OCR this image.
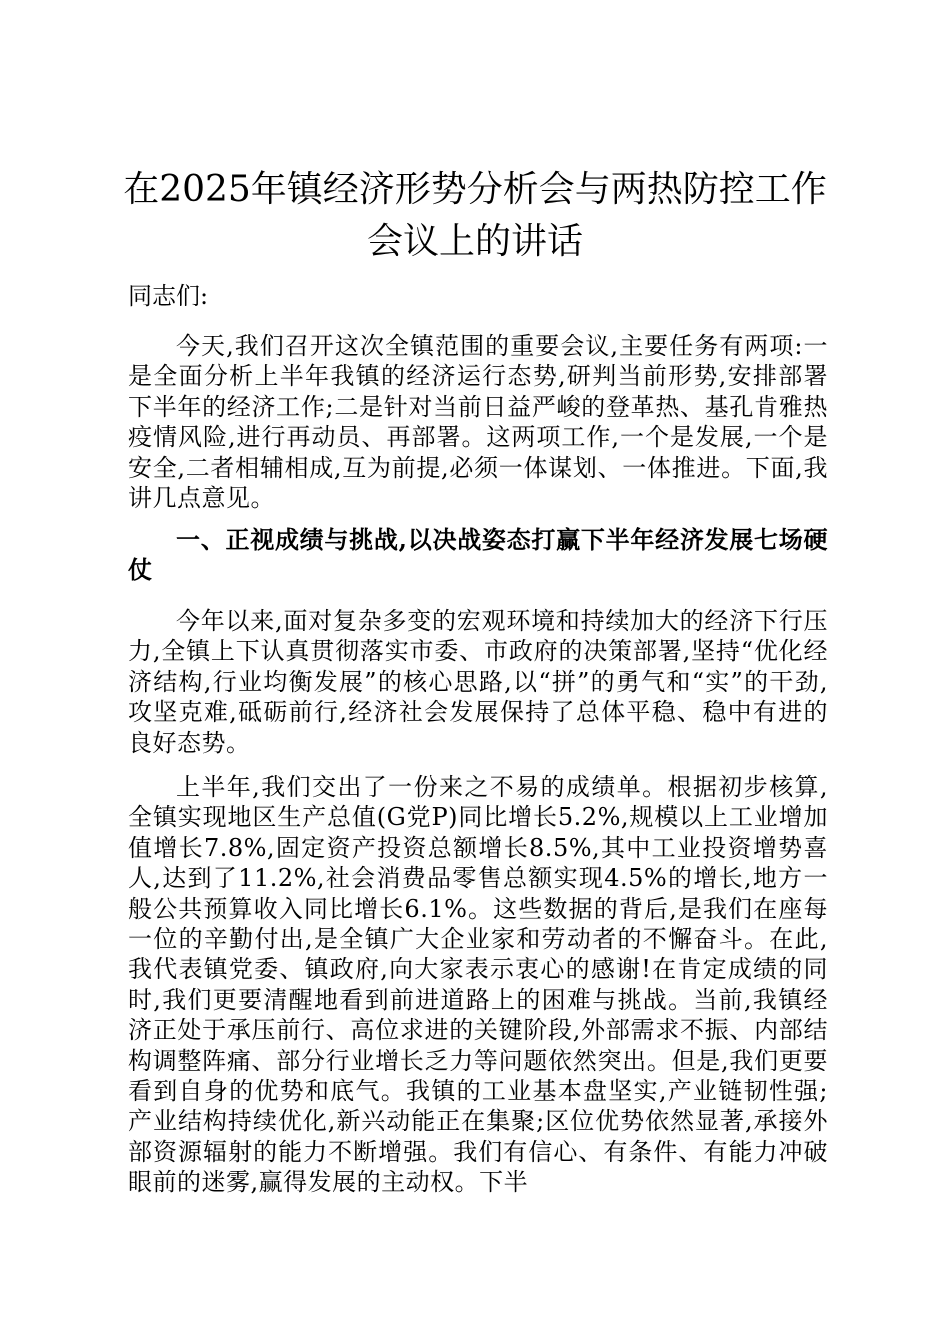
在2025年镇经济形势分析会与两热防控工作
会议上的讲话
同志们:
今天,我们召开这次全镇范围的重要会议,主要任务有两项:一是全面分析上半年我镇的经济运行态势,研判当前形势,安排部署下半年的经济工作;二是针对当前日益严峻的登革热、基孔肯雅热疫情风险,进行再动员、再部署。这两项工作,一个是发展,一个是安全,二者相辅相成,互为前提,必须一体谋划、一体推进。下面,我讲几点意见。
一、正视成绩与挑战,以决战姿态打赢下半年经济发展七场硬仗
今年以来,面对复杂多变的宏观环境和持续加大的经济下行压力,全镇上下认真贯彻落实市委、市政府的决策部署,坚持“优化经济结构,行业均衡发展”的核心思路,以“拼”的勇气和“实”的干劲,攻坚克难,砥砺前行,经济社会发展保持了总体平稳、稳中有进的良好态势。
上半年,我们交出了一份来之不易的成绩单。根据初步核算,全镇实现地区生产总值(G党P)同比增长5.2%,规模以上工业增加值增长7.8%,固定资产投资总额增长8.5%,其中工业投资增势喜人,达到了11.2%,社会消费品零售总额实现4.5%的增长,地方一般公共预算收入同比增长6.1%。这些数据的背后,是我们在座每一位的辛勤付出,是全镇广大企业家和劳动者的不懈奋斗。在此,我代表镇党委、镇政府,向大家表示衷心的感谢!在肯定成绩的同时,我们更要清醒地看到前进道路上的困难与挑战。当前,我镇经济正处于承压前行、高位求进的关键阶段,外部需求不振、内部结构调整阵痛、部分行业增长乏力等问题依然突出。但是,我们更要看到自身的优势和底气。我镇的工业基本盘坚实,产业链韧性强;产业结构持续优化,新兴动能正在集聚;区位优势依然显著,承接外部资源辐射的能力不断增强。我们有信心、有条件、有能力冲破眼前的迷雾,赢得发展的主动权。下半
